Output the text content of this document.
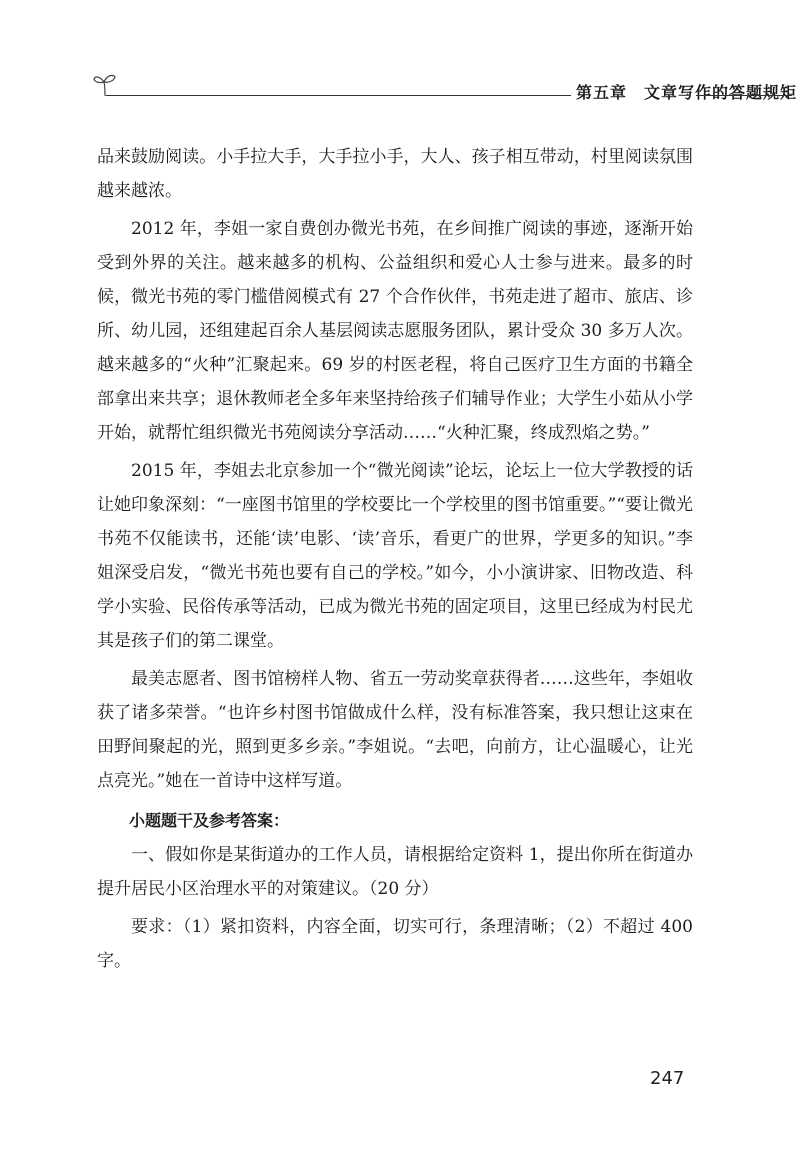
第五章　文章写作的答题规矩

品来鼓励阅读。小手拉大手，大手拉小手，大人、孩子相互带动，村里阅读氛围越来越浓。

2012 年，李姐一家自费创办微光书苑，在乡间推广阅读的事迹，逐渐开始受到外界的关注。越来越多的机构、公益组织和爱心人士参与进来。最多的时候，微光书苑的零门槛借阅模式有 27 个合作伙伴，书苑走进了超市、旅店、诊所、幼儿园，还组建起百余人基层阅读志愿服务团队，累计受众 30 多万人次。越来越多的“火种”汇聚起来。69 岁的村医老程，将自己医疗卫生方面的书籍全部拿出来共享；退休教师老全多年来坚持给孩子们辅导作业；大学生小茹从小学开始，就帮忙组织微光书苑阅读分享活动……“火种汇聚，终成烈焰之势。”

2015 年，李姐去北京参加一个“微光阅读”论坛，论坛上一位大学教授的话让她印象深刻：“一座图书馆里的学校要比一个学校里的图书馆重要。”“要让微光书苑不仅能读书，还能‘读’电影、‘读’音乐，看更广的世界，学更多的知识。”李姐深受启发，“微光书苑也要有自己的学校。”如今，小小演讲家、旧物改造、科学小实验、民俗传承等活动，已成为微光书苑的固定项目，这里已经成为村民尤其是孩子们的第二课堂。

最美志愿者、图书馆榜样人物、省五一劳动奖章获得者……这些年，李姐收获了诸多荣誉。“也许乡村图书馆做成什么样，没有标准答案，我只想让这束在田野间聚起的光，照到更多乡亲。”李姐说。“去吧，向前方，让心温暖心，让光点亮光。”她在一首诗中这样写道。

小题题干及参考答案：

一、假如你是某街道办的工作人员，请根据给定资料 1，提出你所在街道办提升居民小区治理水平的对策建议。（20 分）

要求：（1）紧扣资料，内容全面，切实可行，条理清晰；（2）不超过 400 字。

247
